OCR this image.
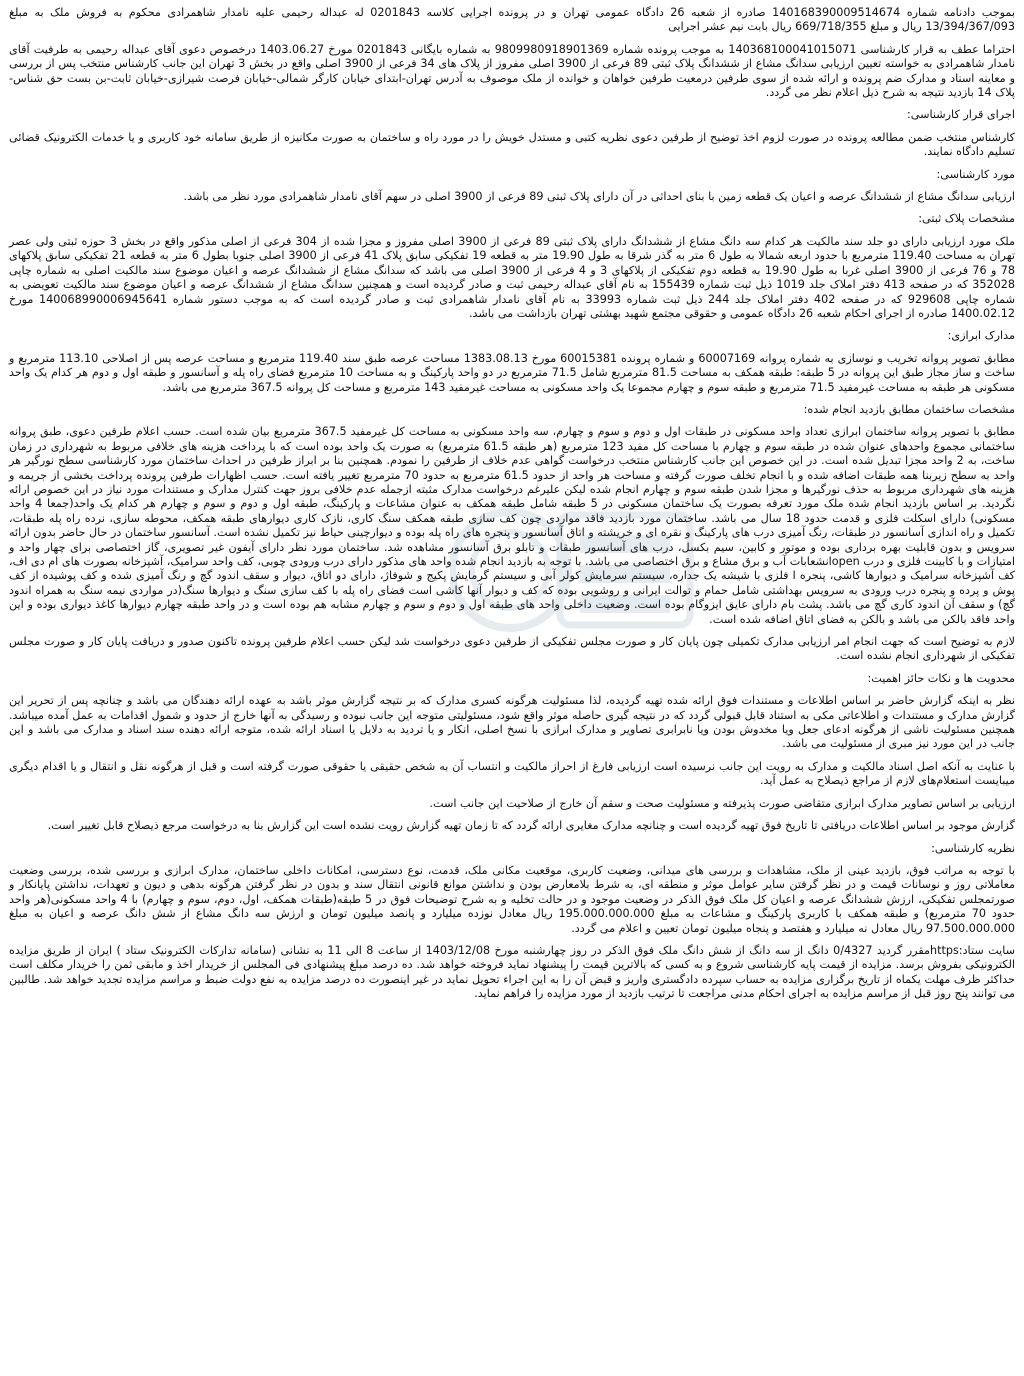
بموجب دادنامه شماره 140168390009514674 صادره از شعبه 26 دادگاه عمومی تهران و در پرونده اجرایی کلاسه 0201843 له عبداله رحیمی علیه نامدار شاهمرادی محکوم به فروش ملک به مبلغ 13/394/367/093 ریال و مبلغ 669/718/355 ریال بابت نیم عشر اجرایی

احتراما عطف به قرار کارشناسی 140368100041015071 به موجب پرونده شماره 9809980918901369 به شماره بایگانی 0201843 مورخ 1403.06.27 درخصوص دعوی آقای عبداله رحیمی به طرفیت آقای نامدار شاهمرادی به خواسته تعیین ارزیابی سدانگ مشاع از ششدانگ پلاک ثبتی 89 فرعی از 3900 اصلی مفروز از پلاک های 34 فرعی از 3900 اصلی واقع در بخش 3 تهران این جانب کارشناس منتخب پس از بررسی و معاینه اسناد و مدارک ضم پرونده و ارائه شده از سوی طرفین درمعیت طرفین خواهان و خوانده از ملک موصوف به آدرس تهران-ابتدای خیابان کارگر شمالی-خیابان فرصت شیرازی-خیابان ثابت-بن بست حق شناس-پلاک 14 بازدید نتیجه به شرح ذیل اعلام نظر می گردد.

اجرای قرار کارشناسی:

کارشناس منتخب ضمن مطالعه پرونده در صورت لزوم اخذ توضیح از طرفین دعوی نظریه کتبی و مستدل خویش را در مورد راه و ساختمان به صورت مکانیزه از طریق سامانه خود کاربری و یا خدمات الکترونیک قضائی تسلیم دادگاه نمایند.

مورد کارشناسی:

ارزیابی سدانگ مشاع از ششدانگ عرصه و اعیان یک قطعه زمین با بنای احداثی در آن دارای پلاک ثبتی 89 فرعی از 3900 اصلی در سهم آقای نامدار شاهمرادی مورد نظر می باشد.

مشخصات پلاک ثبتی:

ملک مورد ارزیابی دارای دو جلد سند مالکیت هر کدام سه دانگ مشاع از ششدانگ دارای پلاک ثبتی 89 فرعی از 3900 اصلی مفروز و مجزا شده از 304 فرعی از اصلی مذکور واقع در بخش 3 حوزه ثبتی ولی عصر تهران به مساحت 119.40 مترمربع با حدود اربعه شمالا به طول 6 متر به گذر شرقا به طول 19.90 متر به قطعه 19 تفکیکی سابق پلاک 41 فرعی از 3900 اصلی جنوبا بطول 6 متر به قطعه 21 تفکیکی سابق پلاکهای 78 و 76 فرعی از 3900 اصلی غربا به طول 19.90 به قطعه دوم تفکیکی از پلاکهای 3 و 4 فرعی از 3900 اصلی می باشد که سدانگ مشاع از ششدانگ عرصه و اعیان موضوع سند مالکیت اصلی به شماره چاپی 352028 که در صفحه 413 دفتر املاک جلد 1019 ذیل ثبت شماره 155439 به نام آقای عبداله رحیمی ثبت و صادر گردیده است و همچنین سدانگ مشاع از ششدانگ عرصه و اعیان موضوع سند مالکیت تعویضی به شماره چاپی 929608 که در صفحه 402 دفتر املاک جلد 244 ذیل ثبت شماره 33993 به نام آقای نامدار شاهمرادی ثبت و صادر گردیده است که به موجب دستور شماره 140068990006945641 مورخ 1400.02.12 صادره از اجرای احکام شعبه 26 دادگاه عمومی و حقوقی مجتمع شهید بهشتی تهران بازداشت می باشد.

مدارک ابرازی:

مطابق تصویر پروانه تخریب و نوسازی به شماره پروانه 60007169 و شماره پرونده 60015381 مورخ 1383.08.13 مساحت عرصه طبق سند 119.40 مترمربع و مساحت عرصه پس از اصلاحی 113.10 مترمربع و ساخت و ساز مجاز طبق این پروانه در 5 طبقه: طبقه همکف به مساحت 81.5 مترمربع شامل 71.5 مترمربع در دو واحد پارکینگ و به مساحت 10 مترمربع فضای راه پله و آسانسور و طبقه اول و دوم هر کدام یک واحد مسکونی هر طبقه به مساحت غیرمفید 71.5 مترمربع و طبقه سوم و چهارم مجموعا یک واحد مسکونی به مساحت غیرمفید 143 مترمربع و مساحت کل پروانه 367.5 مترمربع می باشد.

مشخصات ساختمان مطابق بازدید انجام شده:

مطابق با تصویر پروانه ساختمان ابرازی تعداد واحد مسکونی در طبقات اول و دوم و سوم و چهارم، سه واحد مسکونی به مساحت کل غیرمفید 367.5 مترمربع بیان شده است. حسب اعلام طرفین دعوی، طبق پروانه ساختمانی مجموع واحدهای عنوان شده در طبقه سوم و چهارم با مساحت کل مفید 123 مترمربع (هر طبقه 61.5 مترمربع) به صورت یک واحد بوده است که با پرداخت هزینه های خلافی مربوط به شهرداری در زمان ساخت، به 2 واحد مجزا تبدیل شده است. در این خصوص این جانب کارشناس منتخب درخواست گواهی عدم خلاف از طرفین را نمودم. همچنین بنا بر ابراز طرفین در احداث ساختمان مورد کارشناسی سطح نورگیر هر واحد به سطح زیربنا همه طبقات اضافه شده و با انجام تخلف صورت گرفته و مساحت هر واحد از حدود 61.5 مترمربع به حدود 70 مترمربع تغییر یافته است. حسب اظهارات طرفین پرونده پرداخت بخشی از جریمه و هزینه های شهرداری مربوط به حذف نورگیرها و مجزا شدن طبقه سوم و چهارم انجام شده لیکن علیرغم درخواست مدارک مثبته ازجمله عدم خلافی بروز جهت کنترل مدارک و مستندات مورد نیاز در این خصوص ارائه نگردید. بر اساس بازدید انجام شده ملک مورد تعرفه بصورت یک ساختمان مسکونی در 5 طبقه شامل طبقه همکف به عنوان مشاعات و پارکینگ، طبقه اول و دوم و سوم و چهارم هر کدام یک واحد(جمعا 4 واحد مسکونی) دارای اسکلت فلزی و قدمت حدود 18 سال می باشد. ساختمان مورد بازدید فاقد مواردی چون کف سازی طبقه همکف سنگ کاری، نازک کاری دیوارهای طبقه همکف، محوطه سازی، نرده راه پله طبقات، تکمیل و راه اندازی آسانسور در طبقات، رنگ آمیزی درب های پارکینگ و نقره ای و خریشته و اتاق آسانسور و پنجره های راه پله بوده و دیوارچینی حیاط نیز تکمیل نشده است. آسانسور ساختمان در حال حاضر بدون ارائه سرویس و بدون قابلیت بهره برداری بوده و موتور و کابین، سیم بکسل، درب های آسانسور طبقات و تابلو برق آسانسور مشاهده شد. ساختمان مورد نظر دارای آیفون غیر تصویری، گاز اختصاصی برای چهار واحد و امتیازات و با کابینت فلزی و درب openانشعابات آب و برق مشاع و برق اختصاصی می باشد. با توجه به بازدید انجام شده واحد های مذکور دارای درب ورودی چوبی، کف واحد سرامیک، آشپزخانه بصورت های ام دی اف، کف آشپزخانه سرامیک و دیوارها کاشی، پنجره ا فلزی با شیشه یک جداره، سیستم سرمایش کولر آبی و سیستم گرمایش پکیج و شوفاژ، دارای دو اتاق، دیوار و سقف اندود گچ و رنگ آمیزی شده و کف پوشیده از کف پوش و پرده و پنجره درب ورودی به سرویس بهداشتی شامل حمام و توالت ایرانی و روشویی بوده که کف و دیوار آنها کاشی است فضای راه پله با کف سازی سنگ و دیوارها سنگ(در مواردی نیمه سنگ به همراه اندود گچ) و سقف آن اندود کاری گچ می باشد. پشت بام دارای عایق ایزوگام بوده است. وضعیت داخلی واحد های طبقه اول و دوم و سوم و چهارم مشابه هم بوده است و در واحد طبقه چهارم دیوارها کاغذ دیواری بوده و این واحد فاقد بالکن می باشد و بالکن به فضای اتاق اضافه شده است.

لازم به توضیح است که جهت انجام امر ارزیابی مدارک تکمیلی چون پایان کار و صورت مجلس تفکیکی از طرفین دعوی درخواست شد لیکن حسب اعلام طرفین پرونده تاکنون صدور و دریافت پایان کار و صورت مجلس تفکیکی از شهرداری انجام نشده است.

محدویت ها و نکات حائز اهمیت:

نظر به اینکه گزارش حاضر بر اساس اطلاعات و مستندات فوق ارائه شده تهیه گردیده، لذا مسئولیت هرگونه کسری مدارک که بر نتیجه گزارش موثر باشد به عهده ارائه دهندگان می باشد و چنانچه پس از تحریر این گزارش مدارک و مستندات و اطلاعاتی مکی به استناد قابل قبولی گردد که در نتیجه گیری حاصله موثر واقع شود، مسئولیتی متوجه این جانب نبوده و رسیدگی به آنها خارج از حدود و شمول اقدامات به عمل آمده میباشد. همچنین مسئولیت ناشی از هرگونه ادعای جعل ویا مخدوش بودن ویا نابرابری تصاویر و مدارک ابرازی با نسخ اصلی، انکار و یا تردید به دلایل یا اسناد ارائه شده، متوجه ارائه دهنده سند اسناد و مدارک می باشد و این جانب در این مورد نیز مبری از مسئولیت می باشد.

با عنایت به آنکه اصل اسناد مالکیت و مدارک به رویت این جانب نرسیده است ارزیابی فارغ از احراز مالکیت و انتساب آن به شخص حقیقی یا حقوقی صورت گرفته است و قبل از هرگونه نقل و انتقال و یا اقدام دیگری میبایست استعلام‌های لازم از مراجع ذیصلاح به عمل آید.

ارزیابی بر اساس تصاویر مدارک ابرازی متقاضی صورت پذیرفته و مسئولیت صحت و سقم آن خارج از صلاحیت این جانب است.

گزارش موجود بر اساس اطلاعات دریافتی تا تاریخ فوق تهیه گردیده است و چنانچه مدارک مغایری ارائه گردد که تا زمان تهیه گزارش رویت نشده است این گزارش بنا به درخواست مرجع ذیصلاح قابل تغییر است.

نظریه کارشناسی:

با توجه به مراتب فوق، بازدید عینی از ملک، مشاهدات و بررسی های میدانی، وضعیت کاربری، موقعیت مکانی ملک، قدمت، نوع دسترسی، امکانات داخلی ساختمان، مدارک ابرازی و بررسی شده، بررسی وضعیت معاملاتی روز و نوسانات قیمت و در نظر گرفتن سایر عوامل موثر و منطقه ای، به شرط بلامعارض بودن و نداشتن موانع قانونی انتقال سند و بدون در نظر گرفتن هرگونه بدهی و دیون و تعهدات، نداشتن پایانکار و صورتمجلس تفکیکی، ارزش ششدانگ عرصه و اعیان کل ملک فوق الذکر در وضعیت موجود و در حالت تخلیه و به شرح توضیحات فوق در 5 طبقه(طبقات همکف، اول، دوم، سوم و چهارم) با 4 واحد مسکونی(هر واحد حدود 70 مترمربع) و طبقه همکف با کاربری پارکینگ و مشاعات به مبلغ 195.000.000.000 ریال معادل نوزده میلیارد و پانصد میلیون تومان و ارزش سه دانگ مشاع از شش دانگ عرصه و اعیان به مبلغ 97.500.000.000 ریال معادل نه میلیارد و هفتصد و پنجاه میلیون تومان تعیین و اعلام می گردد.

سایت ستاد:httpsمقرر گردید 0/4327 دانگ از سه دانگ از شش دانگ ملک فوق الذکر در روز چهارشنبه مورخ 1403/12/08 از ساعت 8 الی 11 به نشانی (سامانه تدارکات الکترونیک ستاد ) ایران از طریق مزایده الکترونیکی بفروش برسد. مزایده از قیمت پایه کارشناسی شروع و به کسی که بالاترین قیمت را پیشنهاد نماید فروخته خواهد شد. ده درصد مبلغ پیشنهادی فی المجلس از خریدار اخذ و مابقی ثمن را خریدار مکلف است حداکثر ظرف مهلت یکماه از تاریخ برگزاری مزایده به حساب سپرده دادگستری واریز و قبض آن را به این اجراء تحویل نماید در غیر اینصورت ده درصد مزایده به نفع دولت ضبط و مراسم مزایده تجدید خواهد شد. طالبین می توانند پنج روز قبل از مراسم مزایده به اجرای احکام مدنی مراجعت تا ترتیب بازدید از مورد مزایده را فراهم نماید.
